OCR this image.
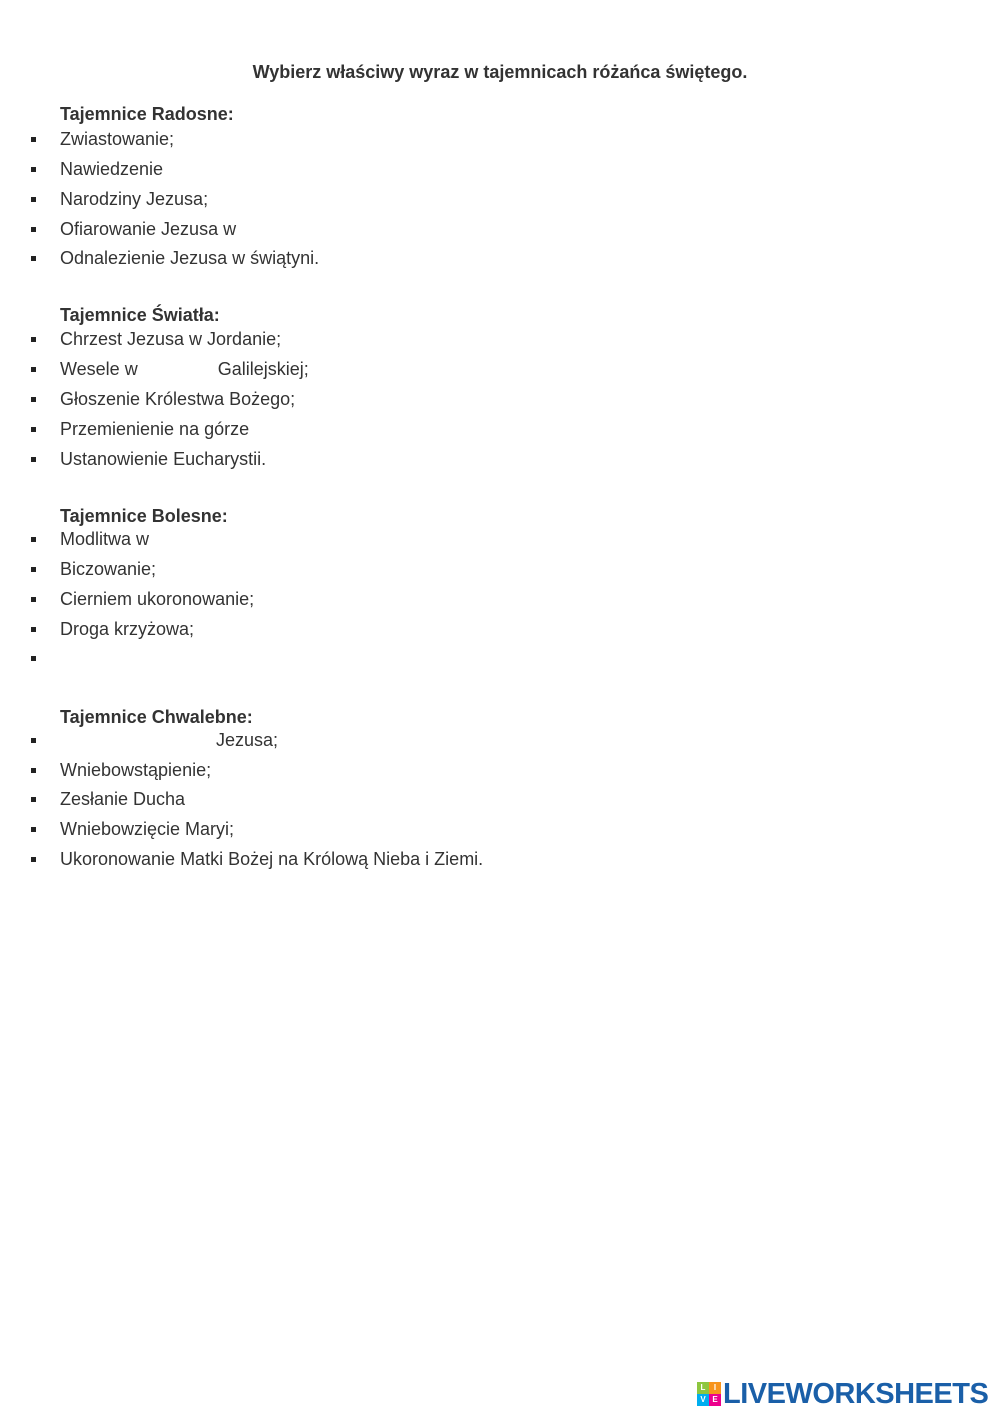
Wybierz właściwy wyraz w tajemnicach różańca świętego.
Tajemnice Radosne:
Zwiastowanie;
Nawiedzenie
Narodziny Jezusa;
Ofiarowanie Jezusa w
Odnalezienie Jezusa w świątyni.
Tajemnice Światła:
Chrzest Jezusa w Jordanie;
Wesele w	Galilejskiej;
Głoszenie Królestwa Bożego;
Przemienienie na górze
Ustanowienie Eucharystii.
Tajemnice Bolesne:
Modlitwa w
Biczowanie;
Cierniem ukoronowanie;
Droga krzyżowa;
Tajemnice Chwalebne:
Jezusa;
Wniebowstąpienie;
Zesłanie Ducha
Wniebowzięcie Maryi;
Ukoronowanie Matki Bożej na Królową Nieba i Ziemi.
L	I
V E LIVEWORKSHEETS
